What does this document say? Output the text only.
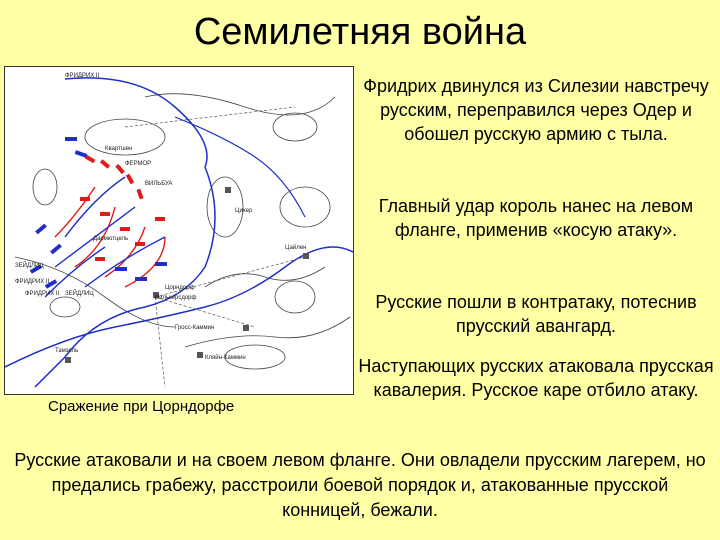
Семилетняя война
ФРИДРИХ II
ЗЕЙДЛИЦ
ФРИДРИХ II
ФРИДРИХ II ЗЕЙДЛИЦ
ФЕРМОР
ВИЛЬБУА
Квартшен
Цорндорф
Вилькерсдорф
Цихер
Гросс-Каммин
Кляйн-Каммин
Тамзель
Дармютцель
Цайлен
Сражение при Цорндорфе
Фридрих двинулся из Силезии навстречу русским, переправился через Одер и обошел русскую армию с тыла.
Главный удар король нанес на левом фланге, применив «косую атаку».
Русские пошли в контратаку, потеснив прусский авангард.
Наступающих русских атаковала прусская кавалерия. Русское каре отбило атаку.
Русские атаковали и на своем левом фланге. Они овладели прусским лагерем, но предались грабежу, расстроили боевой порядок и, атакованные прусской конницей, бежали.
